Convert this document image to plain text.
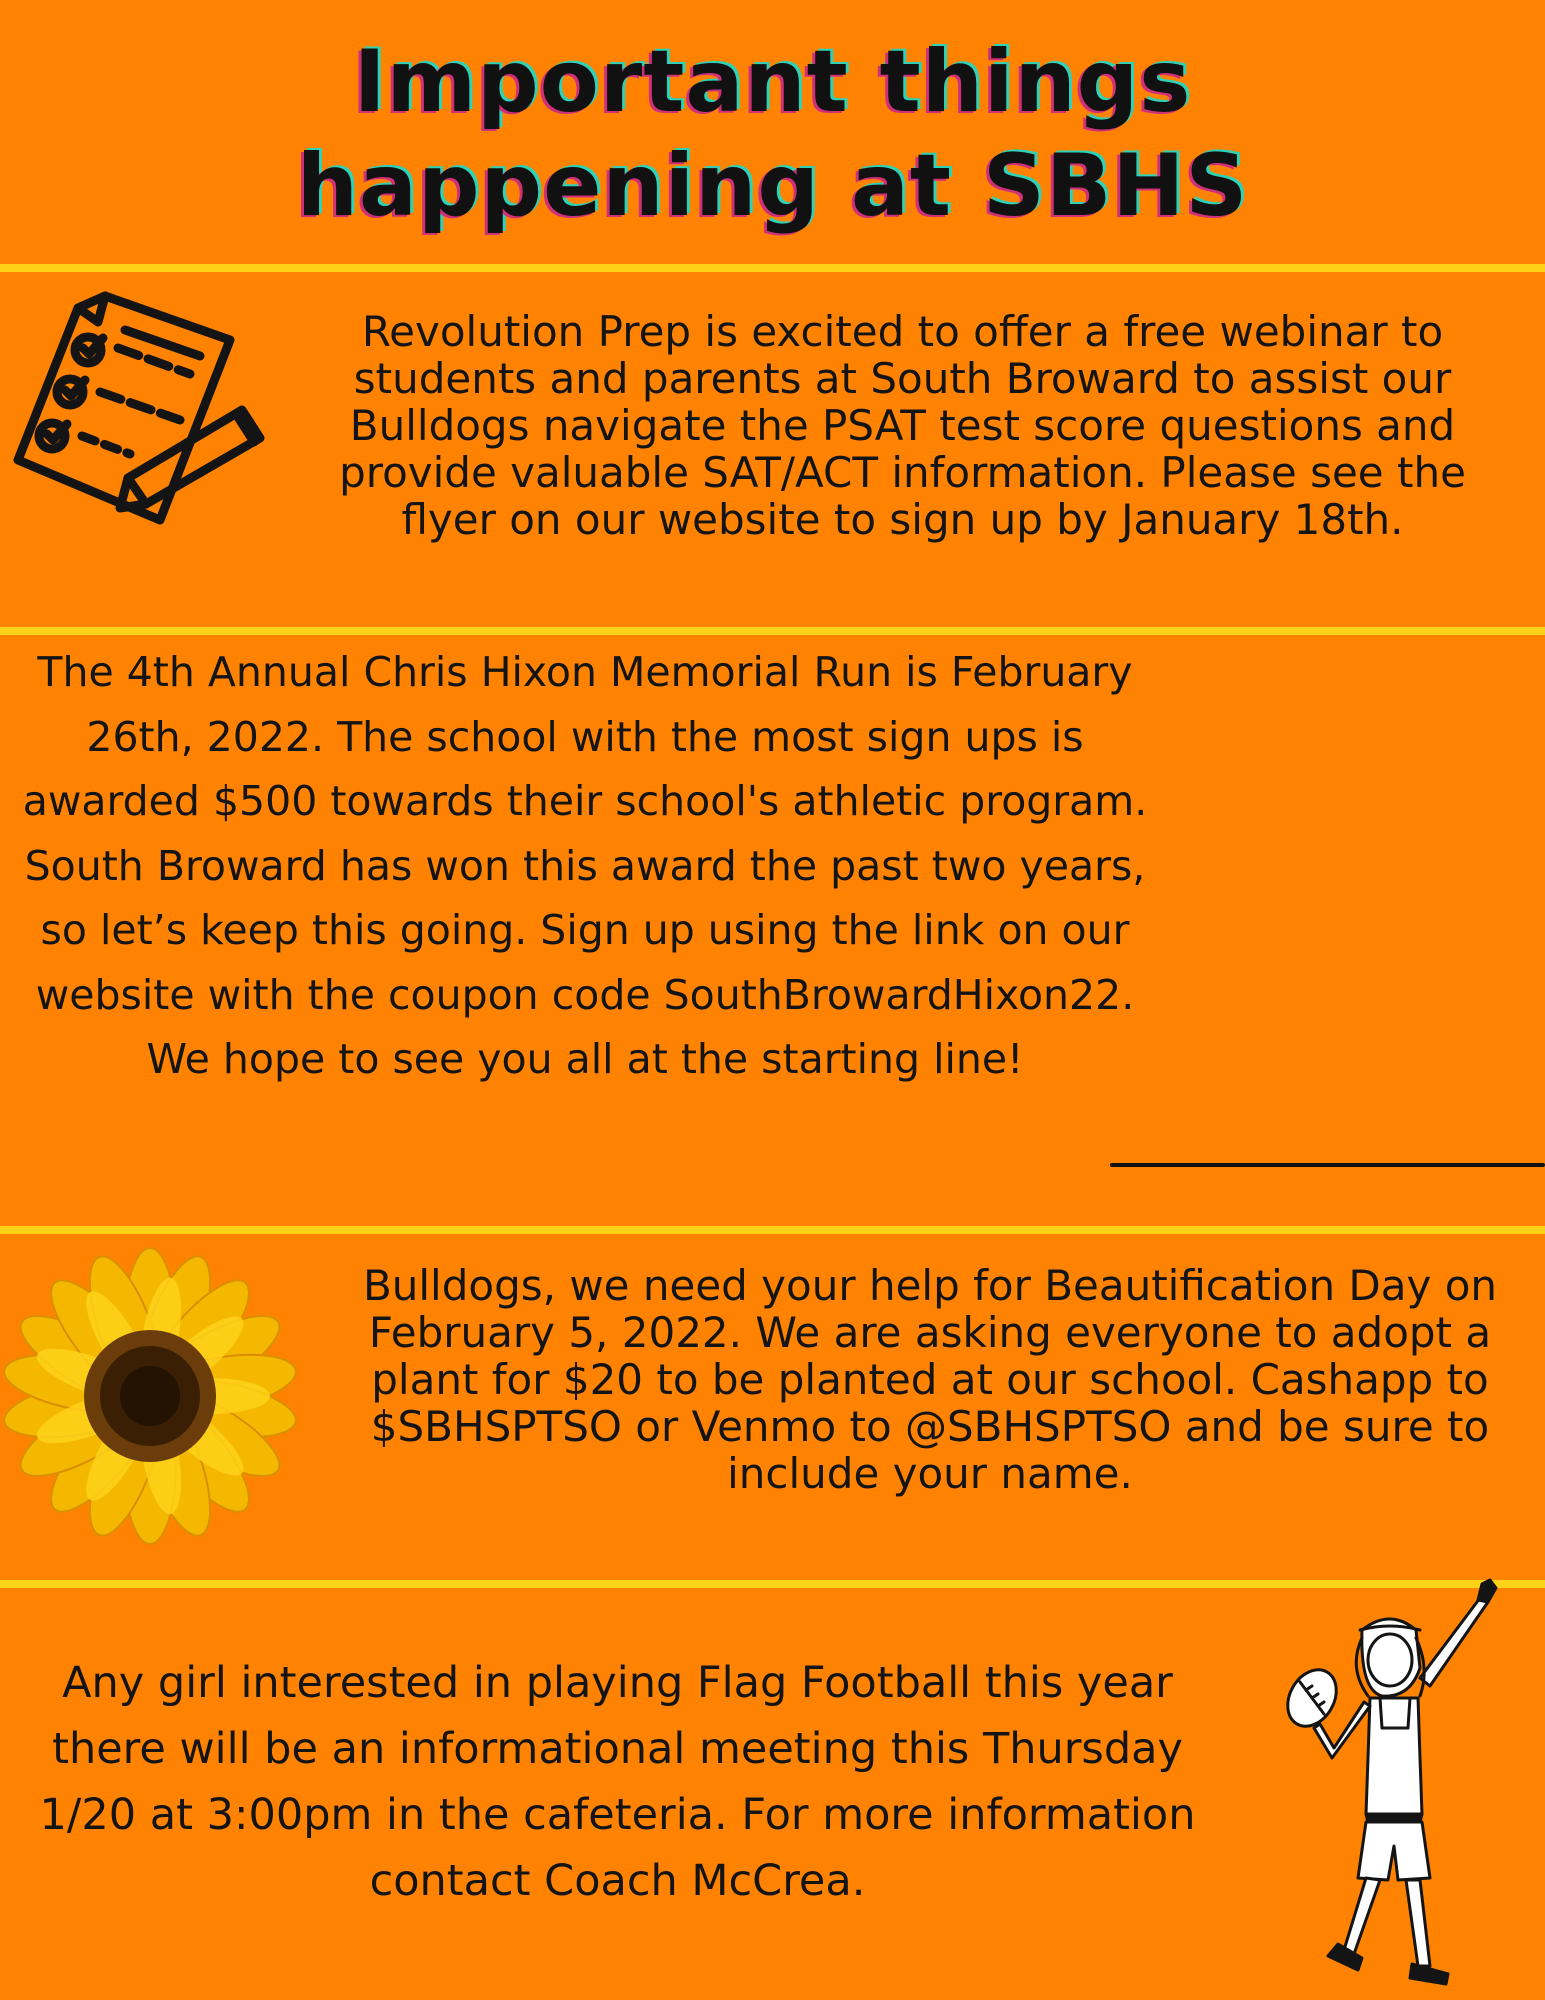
Important things
happening at SBHS

Revolution Prep is excited to offer a free webinar to students and parents at South Broward to assist our Bulldogs navigate the PSAT test score questions and provide valuable SAT/ACT information. Please see the flyer on our website to sign up by January 18th.

The 4th Annual Chris Hixon Memorial Run is February 26th, 2022. The school with the most sign ups is awarded $500 towards their school's athletic program. South Broward has won this award the past two years, so let’s keep this going. Sign up using the link on our website with the coupon code SouthBrowardHixon22. We hope to see you all at the starting line!

Bulldogs, we need your help for Beautification Day on February 5, 2022. We are asking everyone to adopt a plant for $20 to be planted at our school. Cashapp to $SBHSPTSO or Venmo to @SBHSPTSO and be sure to include your name.

Any girl interested in playing Flag Football this year there will be an informational meeting this Thursday 1/20 at 3:00pm in the cafeteria. For more information contact Coach McCrea.
